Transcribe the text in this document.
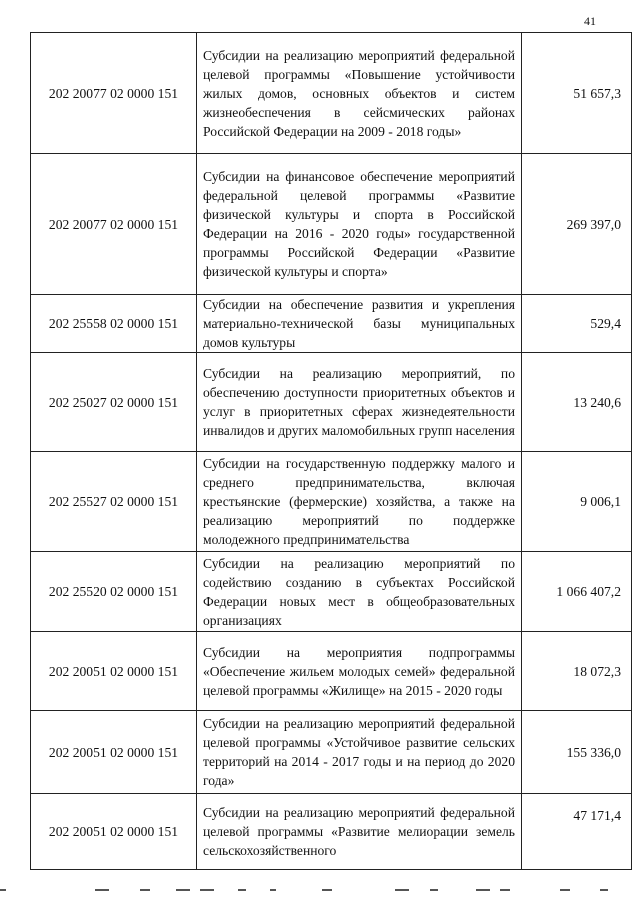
41
202 20077 02 0000 151	Субсидии на реализацию мероприятий федеральной целевой программы «Повышение устойчивости жилых домов, основных объектов и систем жизнеобеспечения в сейсмических районах Российской Федерации на 2009 - 2018 годы»	51 657,3
202 20077 02 0000 151	Субсидии на финансовое обеспечение мероприятий федеральной целевой программы «Развитие физической культуры и спорта в Российской Федерации на 2016 - 2020 годы» государственной программы Российской Федерации «Развитие физической культуры и спорта»	269 397,0
202 25558 02 0000 151	Субсидии на обеспечение развития и укрепления материально-технической базы муниципальных домов культуры	529,4
202 25027 02 0000 151	Субсидии на реализацию мероприятий, по обеспечению доступности приоритетных объектов и услуг в приоритетных сферах жизнедеятельности инвалидов и других маломобильных групп населения	13 240,6
202 25527 02 0000 151	Субсидии на государственную поддержку малого и среднего предпринимательства, включая крестьянские (фермерские) хозяйства, а также на реализацию мероприятий по поддержке молодежного предпринимательства	9 006,1
202 25520 02 0000 151	Субсидии на реализацию мероприятий по содействию созданию в субъектах Российской Федерации новых мест в общеобразовательных организациях	1 066 407,2
202 20051 02 0000 151	Субсидии на мероприятия подпрограммы «Обеспечение жильем молодых семей» федеральной целевой программы «Жилище» на 2015 - 2020 годы	18 072,3
202 20051 02 0000 151	Субсидии на реализацию мероприятий федеральной целевой программы «Устойчивое развитие сельских территорий на 2014 - 2017 годы и на период до 2020 года»	155 336,0
202 20051 02 0000 151	Субсидии на реализацию мероприятий федеральной целевой программы «Развитие мелиорации земель сельскохозяйственного	47 171,4
